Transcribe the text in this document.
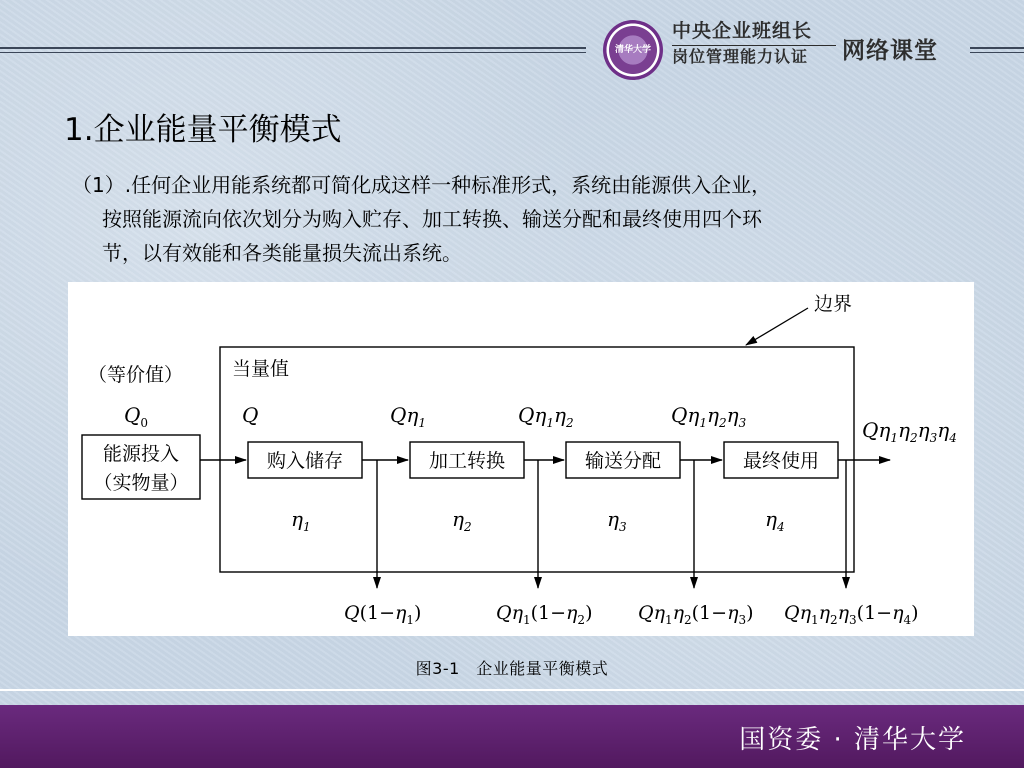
清华大学
中央企业班组长
岗位管理能力认证	网络课堂
1.企业能量平衡模式
（1）.任何企业用能系统都可简化成这样一种标准形式，系统由能源供入企业，
按照能源流向依次划分为购入贮存、加工转换、输送分配和最终使用四个环
节，以有效能和各类能量损失流出系统。
边界
（等价值）	当量值
$Q_0$
能源投入
（实物量）
购入储存	加工转换	输送分配	最终使用
Q	$Q\eta_1$	$Q\eta_1\eta_2$	$Q\eta_1\eta_2\eta_3$	$Q\eta_1\eta_2\eta_3\eta_4$
$\eta_1$	$\eta_2$	$\eta_3$	$\eta_4$
$Q(1-\eta_1)$	$Q\eta_1(1-\eta_2)$ $Q\eta_1\eta_2(1-\eta_3)$ $Q\eta_1\eta_2\eta_3(1-\eta_4)$
图3-1　企业能量平衡模式
国资委 · 清华大学
